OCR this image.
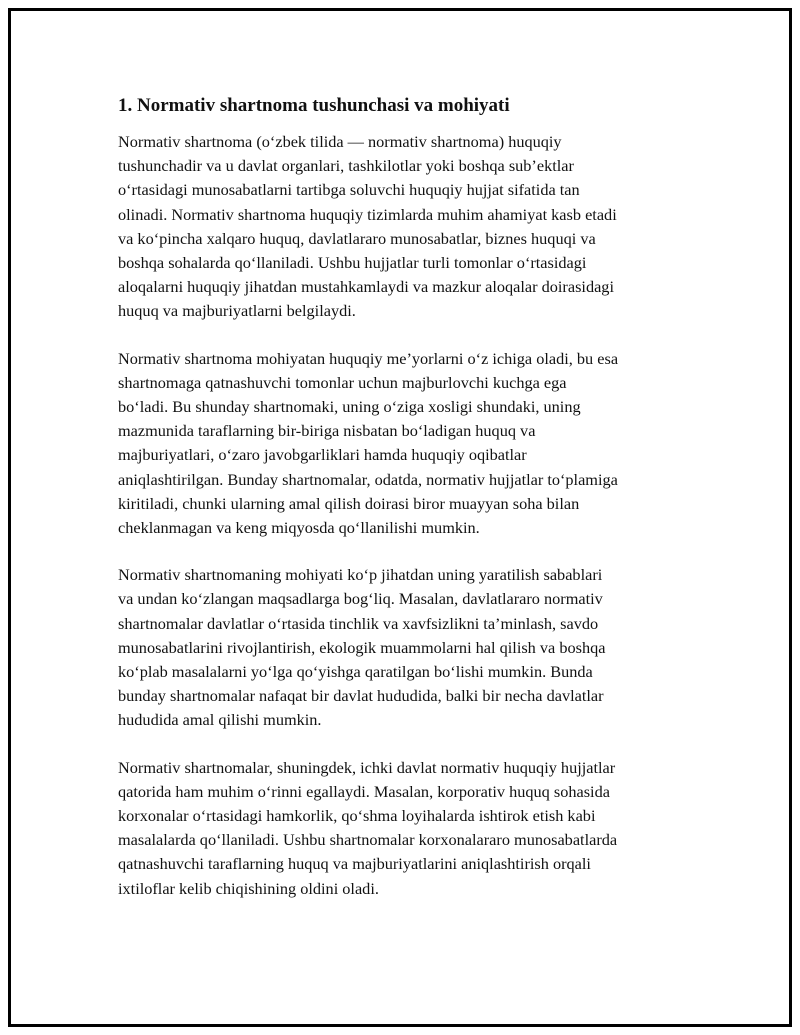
1. Normativ shartnoma tushunchasi va mohiyati

Normativ shartnoma (oʻzbek tilida — normativ shartnoma) huquqiy
tushunchadir va u davlat organlari, tashkilotlar yoki boshqa subʼektlar
oʻrtasidagi munosabatlarni tartibga soluvchi huquqiy hujjat sifatida tan
olinadi. Normativ shartnoma huquqiy tizimlarda muhim ahamiyat kasb etadi
va koʻpincha xalqaro huquq, davlatlararo munosabatlar, biznes huquqi va
boshqa sohalarda qoʻllaniladi. Ushbu hujjatlar turli tomonlar oʻrtasidagi
aloqalarni huquqiy jihatdan mustahkamlaydi va mazkur aloqalar doirasidagi
huquq va majburiyatlarni belgilaydi.

Normativ shartnoma mohiyatan huquqiy meʼyorlarni oʻz ichiga oladi, bu esa
shartnomaga qatnashuvchi tomonlar uchun majburlovchi kuchga ega
boʻladi. Bu shunday shartnomaki, uning oʻziga xosligi shundaki, uning
mazmunida taraflarning bir-biriga nisbatan boʻladigan huquq va
majburiyatlari, oʻzaro javobgarliklari hamda huquqiy oqibatlar
aniqlashtirilgan. Bunday shartnomalar, odatda, normativ hujjatlar toʻplamiga
kiritiladi, chunki ularning amal qilish doirasi biror muayyan soha bilan
cheklanmagan va keng miqyosda qoʻllanilishi mumkin.

Normativ shartnomaning mohiyati koʻp jihatdan uning yaratilish sabablari
va undan koʻzlangan maqsadlarga bogʻliq. Masalan, davlatlararo normativ
shartnomalar davlatlar oʻrtasida tinchlik va xavfsizlikni taʼminlash, savdo
munosabatlarini rivojlantirish, ekologik muammolarni hal qilish va boshqa
koʻplab masalalarni yoʻlga qoʻyishga qaratilgan boʻlishi mumkin. Bunda
bunday shartnomalar nafaqat bir davlat hududida, balki bir necha davlatlar
hududida amal qilishi mumkin.

Normativ shartnomalar, shuningdek, ichki davlat normativ huquqiy hujjatlar
qatorida ham muhim oʻrinni egallaydi. Masalan, korporativ huquq sohasida
korxonalar oʻrtasidagi hamkorlik, qoʻshma loyihalarda ishtirok etish kabi
masalalarda qoʻllaniladi. Ushbu shartnomalar korxonalararo munosabatlarda
qatnashuvchi taraflarning huquq va majburiyatlarini aniqlashtirish orqali
ixtiloflar kelib chiqishining oldini oladi.
